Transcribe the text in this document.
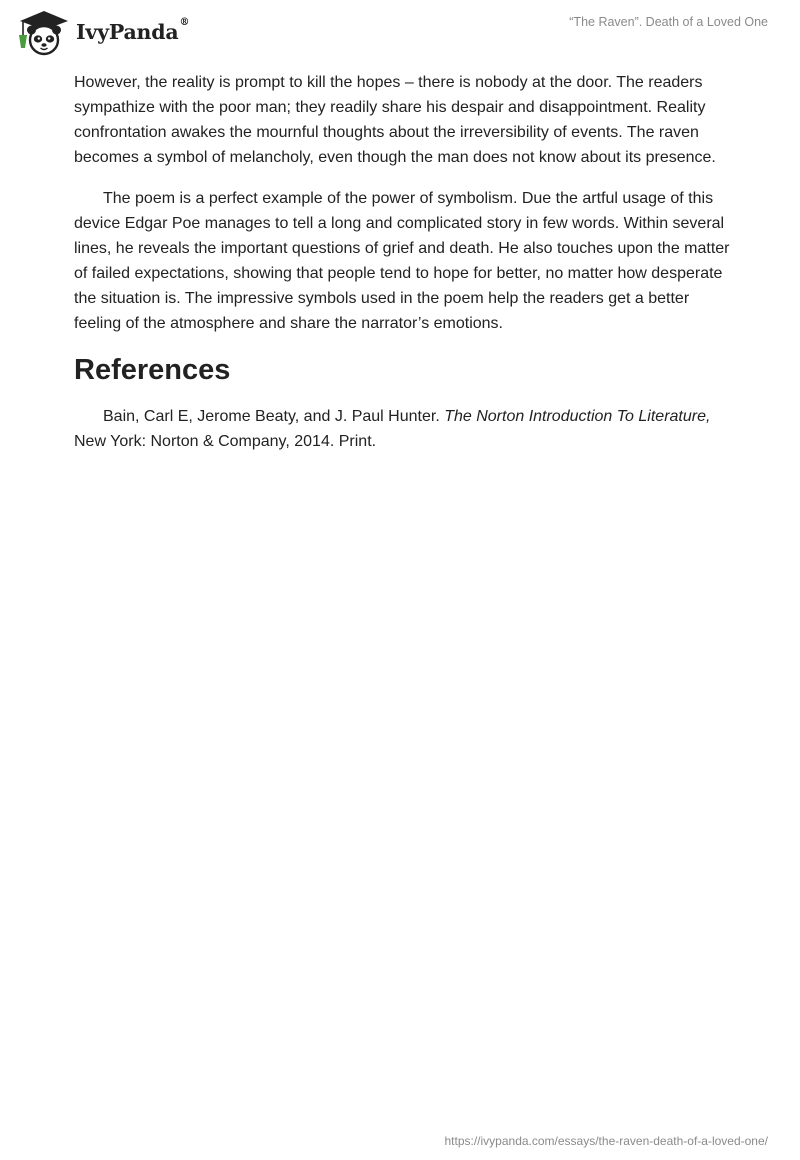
IvyPanda®	“The Raven”. Death of a Loved One

However, the reality is prompt to kill the hopes – there is nobody at the door. The readers sympathize with the poor man; they readily share his despair and disappointment. Reality confrontation awakes the mournful thoughts about the irreversibility of events. The raven becomes a symbol of melancholy, even though the man does not know about its presence.

The poem is a perfect example of the power of symbolism. Due the artful usage of this device Edgar Poe manages to tell a long and complicated story in few words. Within several lines, he reveals the important questions of grief and death. He also touches upon the matter of failed expectations, showing that people tend to hope for better, no matter how desperate the situation is. The impressive symbols used in the poem help the readers get a better feeling of the atmosphere and share the narrator’s emotions.

References

Bain, Carl E, Jerome Beaty, and J. Paul Hunter. The Norton Introduction To Literature, New York: Norton & Company, 2014. Print.

https://ivypanda.com/essays/the-raven-death-of-a-loved-one/
